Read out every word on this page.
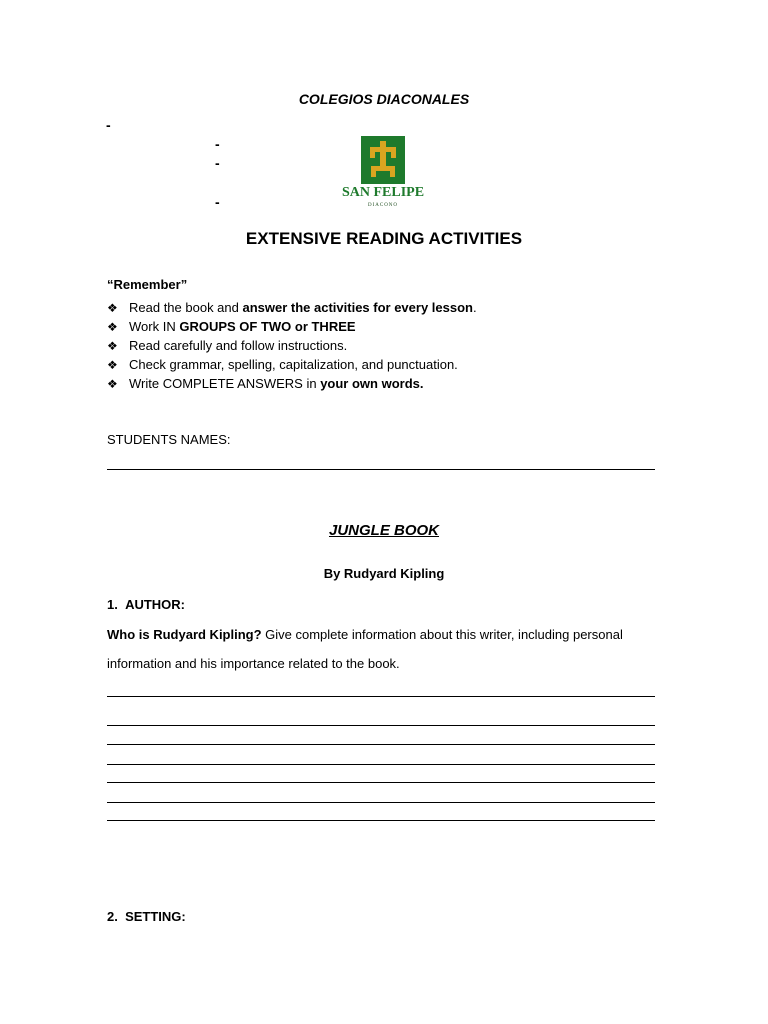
COLEGIOS DIACONALES
-
-
-
-
SAN FELIPE
DIACONO
EXTENSIVE READING ACTIVITIES
“Remember”
❖ Read the book and answer the activities for every lesson.
❖ Work IN GROUPS OF TWO or THREE
❖ Read carefully and follow instructions.
❖ Check grammar, spelling, capitalization, and punctuation.
❖ Write COMPLETE ANSWERS in your own words.
STUDENTS NAMES:
JUNGLE BOOK
By Rudyard Kipling
1. AUTHOR:
Who is Rudyard Kipling? Give complete information about this writer, including personal information and his importance related to the book.
2. SETTING:
